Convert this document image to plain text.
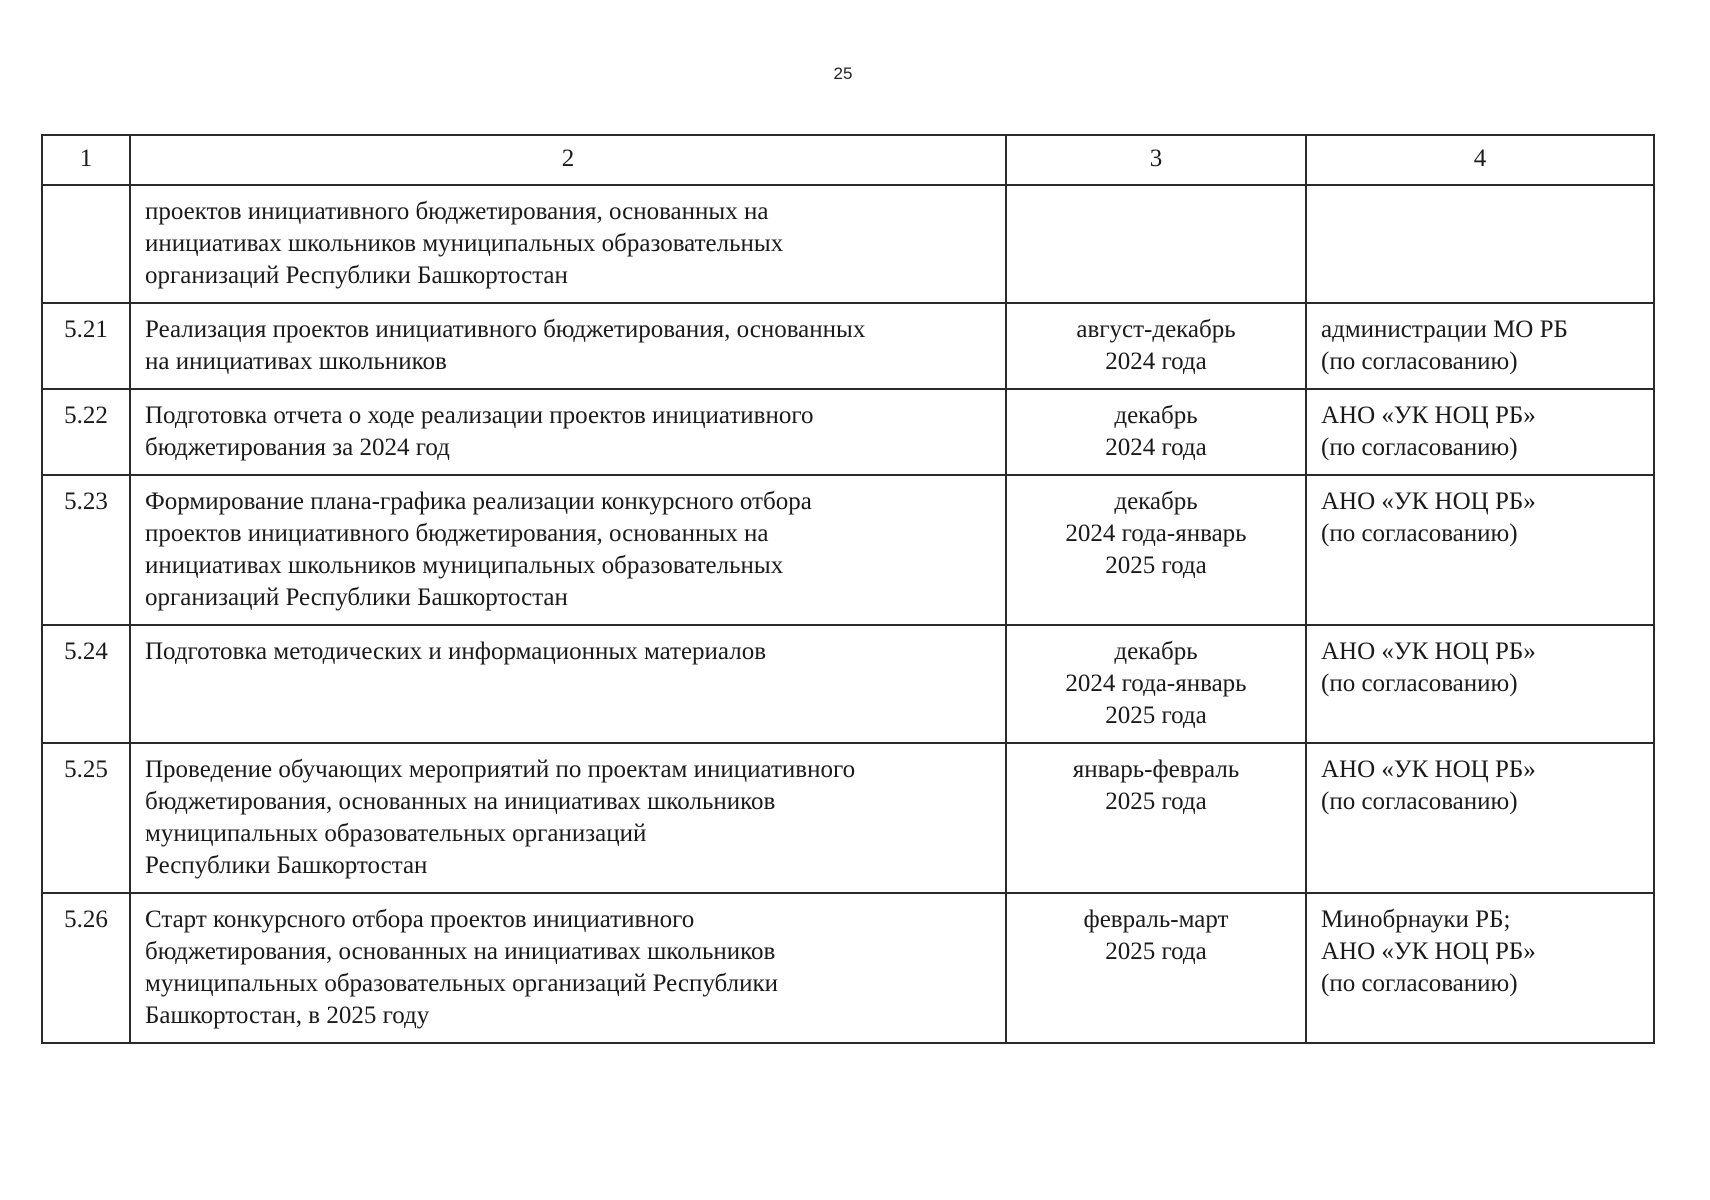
25
1	2	3	4

	проектов инициативного бюджетирования, основанных на
инициативах школьников муниципальных образовательных
организаций Республики Башкортостан		

5.21	Реализация проектов инициативного бюджетирования, основанных
на инициативах школьников	август-декабрь
2024 года	администрации МО РБ
(по согласованию)

5.22	Подготовка отчета о ходе реализации проектов инициативного
бюджетирования за 2024 год	декабрь
2024 года	АНО «УК НОЦ РБ»
(по согласованию)

5.23	Формирование плана-графика реализации конкурсного отбора
проектов инициативного бюджетирования, основанных на
инициативах школьников муниципальных образовательных
организаций Республики Башкортостан	декабрь
2024 года-январь
2025 года	АНО «УК НОЦ РБ»
(по согласованию)

5.24	Подготовка методических и информационных материалов	декабрь
2024 года-январь
2025 года	АНО «УК НОЦ РБ»
(по согласованию)

5.25	Проведение обучающих мероприятий по проектам инициативного
бюджетирования, основанных на инициативах школьников
муниципальных образовательных организаций
Республики Башкортостан	январь-февраль
2025 года	АНО «УК НОЦ РБ»
(по согласованию)

5.26	Старт конкурсного отбора проектов инициативного
бюджетирования, основанных на инициативах школьников
муниципальных образовательных организаций Республики
Башкортостан, в 2025 году	февраль-март
2025 года	Минобрнауки РБ;
АНО «УК НОЦ РБ»
(по согласованию)
